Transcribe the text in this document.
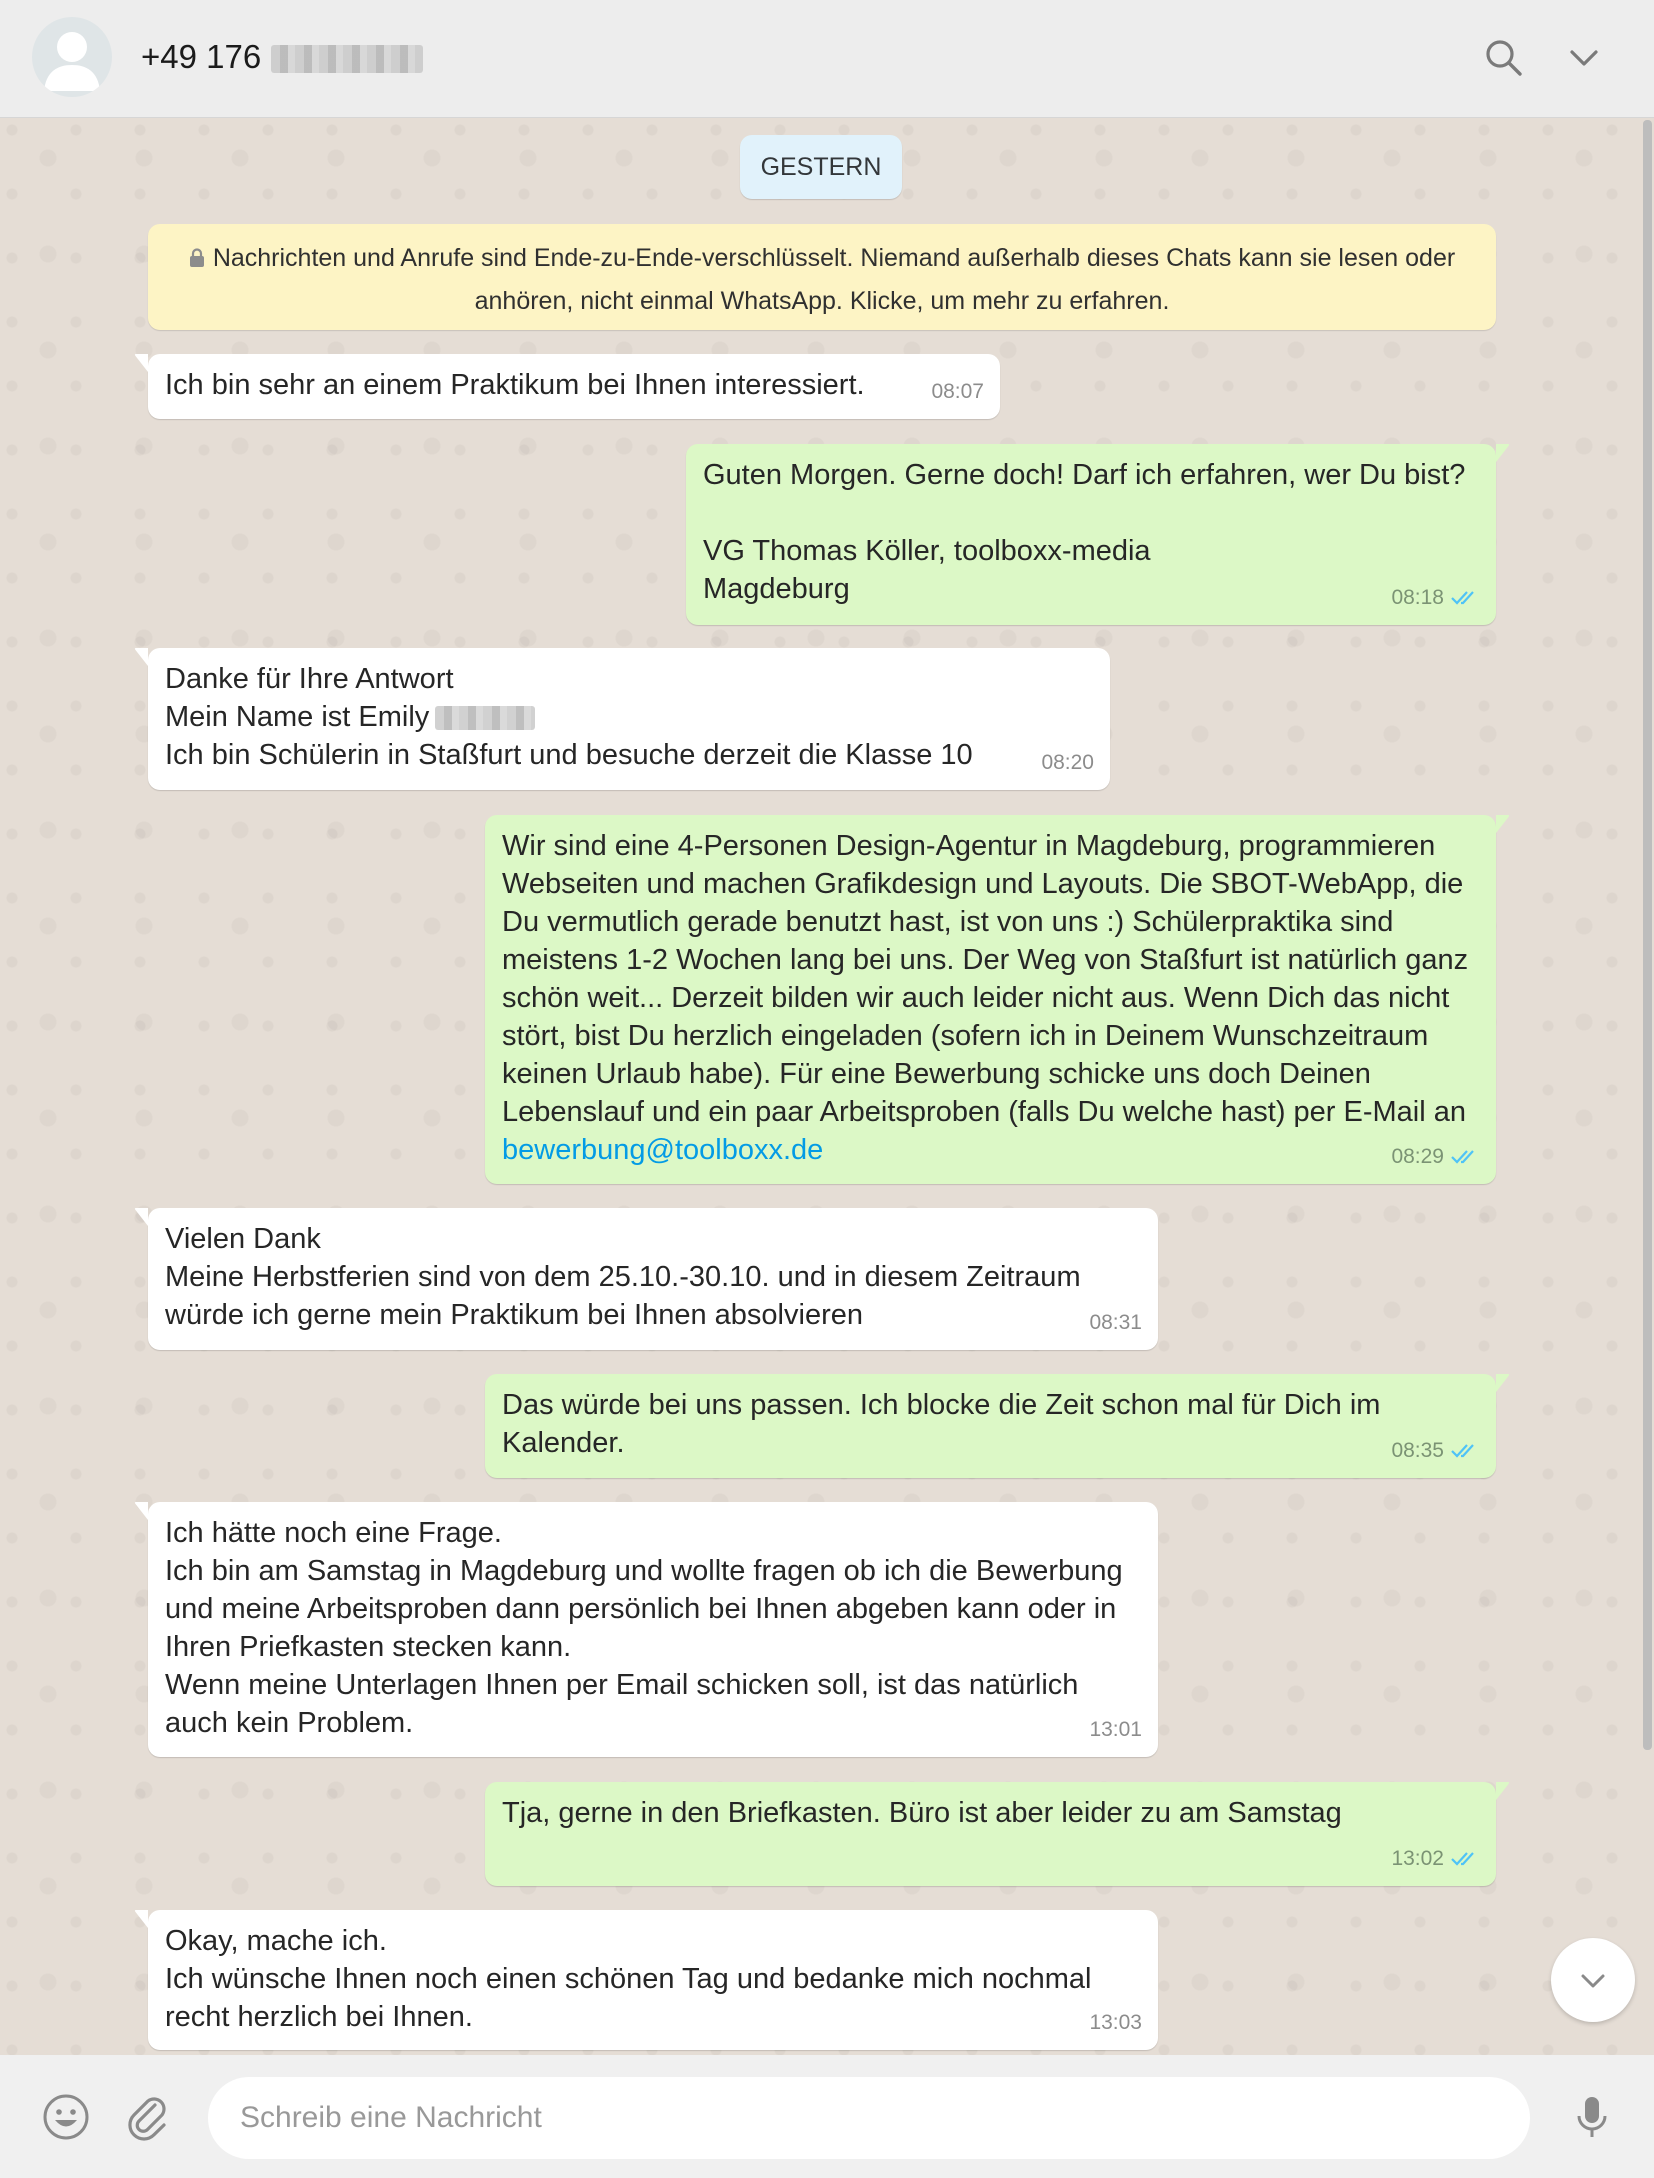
+49 176
GESTERN
Nachrichten und Anrufe sind Ende-zu-Ende-verschlüsselt. Niemand außerhalb dieses Chats kann sie lesen oder anhören, nicht einmal WhatsApp. Klicke, um mehr zu erfahren.
Ich bin sehr an einem Praktikum bei Ihnen interessiert.	08:07
Guten Morgen. Gerne doch! Darf ich erfahren, wer Du bist?

VG Thomas Köller, toolboxx-media
Magdeburg	08:18
Danke für Ihre Antwort
Mein Name ist Emily
Ich bin Schülerin in Staßfurt und besuche derzeit die Klasse 10	08:20
Wir sind eine 4-Personen Design-Agentur in Magdeburg, programmieren Webseiten und machen Grafikdesign und Layouts. Die SBOT-WebApp, die Du vermutlich gerade benutzt hast, ist von uns :) Schülerpraktika sind meistens 1-2 Wochen lang bei uns. Der Weg von Staßfurt ist natürlich ganz schön weit... Derzeit bilden wir auch leider nicht aus. Wenn Dich das nicht stört, bist Du herzlich eingeladen (sofern ich in Deinem Wunschzeitraum keinen Urlaub habe). Für eine Bewerbung schicke uns doch Deinen Lebenslauf und ein paar Arbeitsproben (falls Du welche hast) per E-Mail an
bewerbung@toolboxx.de	08:29
Vielen Dank
Meine Herbstferien sind von dem 25.10.-30.10. und in diesem Zeitraum würde ich gerne mein Praktikum bei Ihnen absolvieren	08:31
Das würde bei uns passen. Ich blocke die Zeit schon mal für Dich im Kalender.	08:35
Ich hätte noch eine Frage.
Ich bin am Samstag in Magdeburg und wollte fragen ob ich die Bewerbung und meine Arbeitsproben dann persönlich bei Ihnen abgeben kann oder in Ihren Priefkasten stecken kann.
Wenn meine Unterlagen Ihnen per Email schicken soll, ist das natürlich auch kein Problem.	13:01
Tja, gerne in den Briefkasten. Büro ist aber leider zu am Samstag
13:02
Okay, mache ich.
Ich wünsche Ihnen noch einen schönen Tag und bedanke mich nochmal recht herzlich bei Ihnen.	13:03
Schreib eine Nachricht
